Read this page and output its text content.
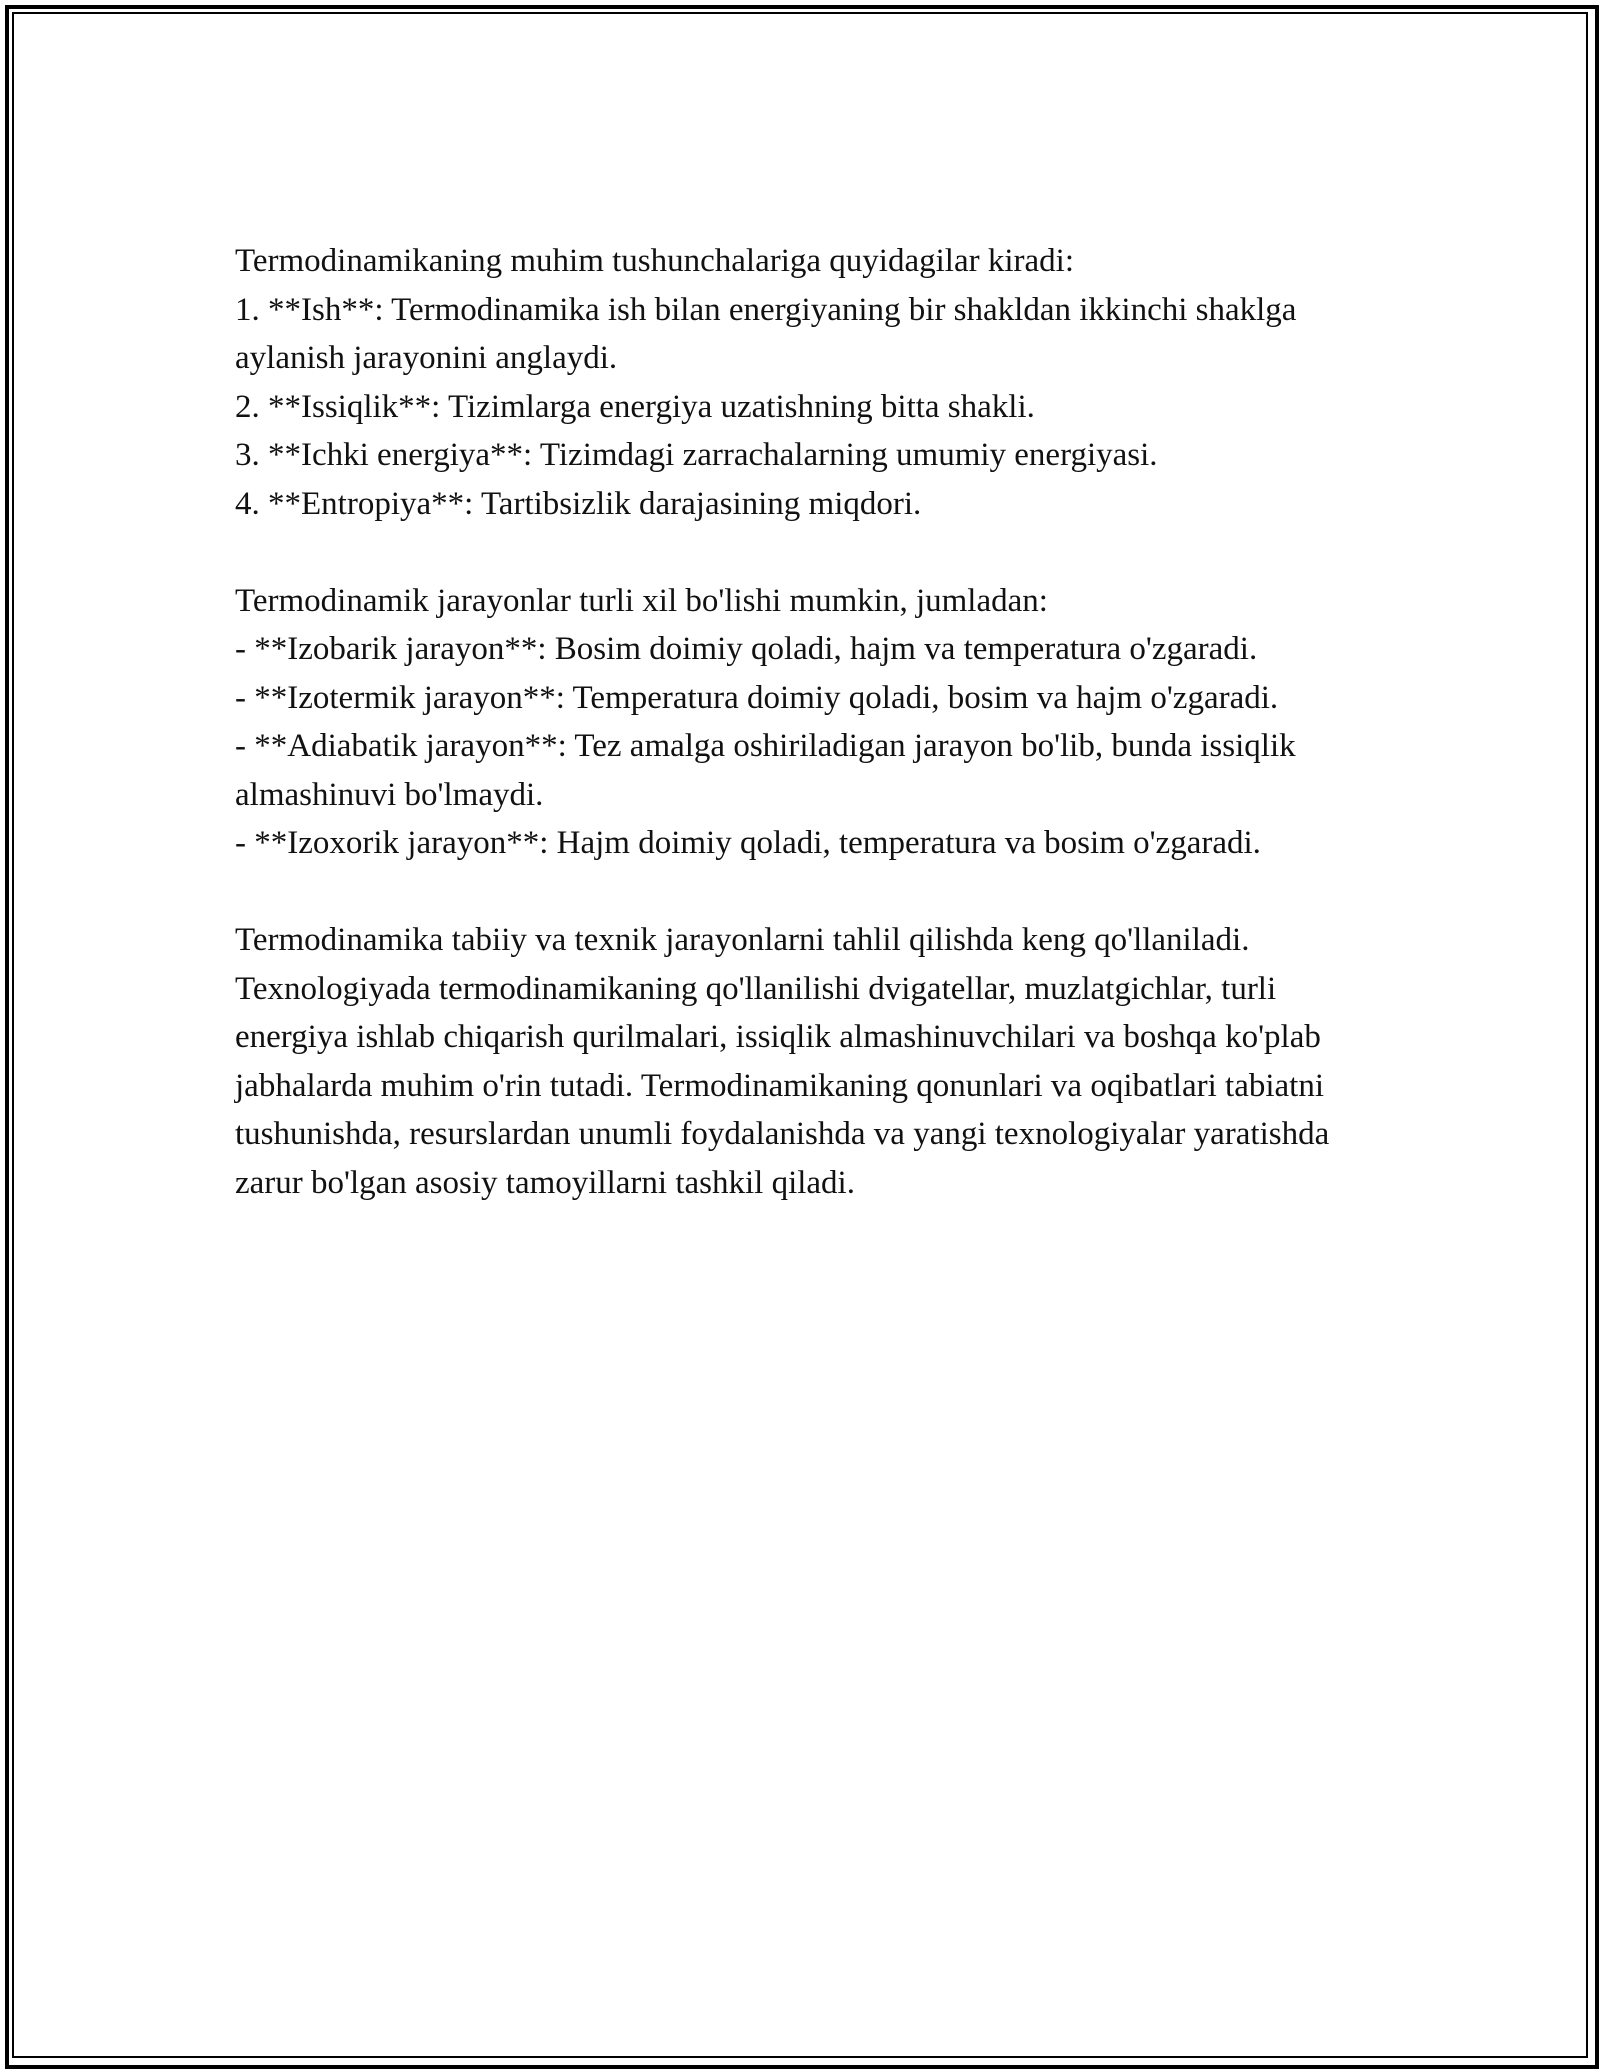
Termodinamikaning muhim tushunchalariga quyidagilar kiradi:
1. **Ish**: Termodinamika ish bilan energiyaning bir shakldan ikkinchi shaklga aylanish jarayonini anglaydi.
2. **Issiqlik**: Tizimlarga energiya uzatishning bitta shakli.
3. **Ichki energiya**: Tizimdagi zarrachalarning umumiy energiyasi.
4. **Entropiya**: Tartibsizlik darajasining miqdori.
Termodinamik jarayonlar turli xil bo'lishi mumkin, jumladan:
- **Izobarik jarayon**: Bosim doimiy qoladi, hajm va temperatura o'zgaradi.
- **Izotermik jarayon**: Temperatura doimiy qoladi, bosim va hajm o'zgaradi.
- **Adiabatik jarayon**: Tez amalga oshiriladigan jarayon bo'lib, bunda issiqlik almashinuvi bo'lmaydi.
- **Izoxorik jarayon**: Hajm doimiy qoladi, temperatura va bosim o'zgaradi.
Termodinamika tabiiy va texnik jarayonlarni tahlil qilishda keng qo'llaniladi. Texnologiyada termodinamikaning qo'llanilishi dvigatellar, muzlatgichlar, turli energiya ishlab chiqarish qurilmalari, issiqlik almashinuvchilari va boshqa ko'plab jabhalarda muhim o'rin tutadi. Termodinamikaning qonunlari va oqibatlari tabiatni tushunishda, resurslardan unumli foydalanishda va yangi texnologiyalar yaratishda zarur bo'lgan asosiy tamoyillarni tashkil qiladi.
